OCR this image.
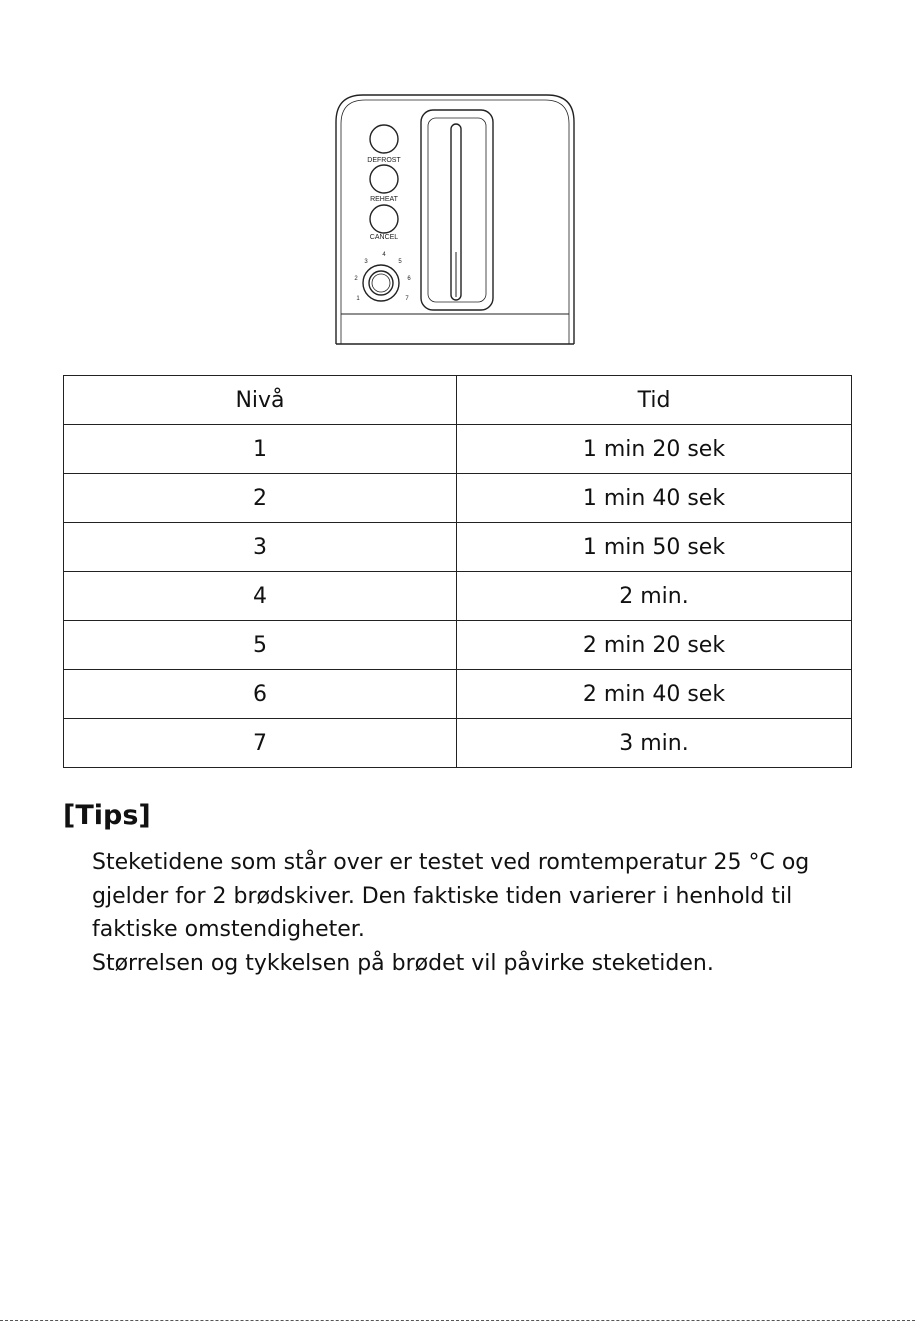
DEFROST
REHEAT
CANCEL
1
2
3
4
5
6
7
Nivå	Tid
1	1 min 20 sek
2	1 min 40 sek
3	1 min 50 sek
4	2 min.
5	2 min 20 sek
6	2 min 40 sek
7	3 min.
[Tips]

Steketidene som står over er testet ved romtemperatur 25 °C og gjelder for 2 brødskiver. Den faktiske tiden varierer i henhold til faktiske omstendigheter.

Størrelsen og tykkelsen på brødet vil påvirke steketiden.
